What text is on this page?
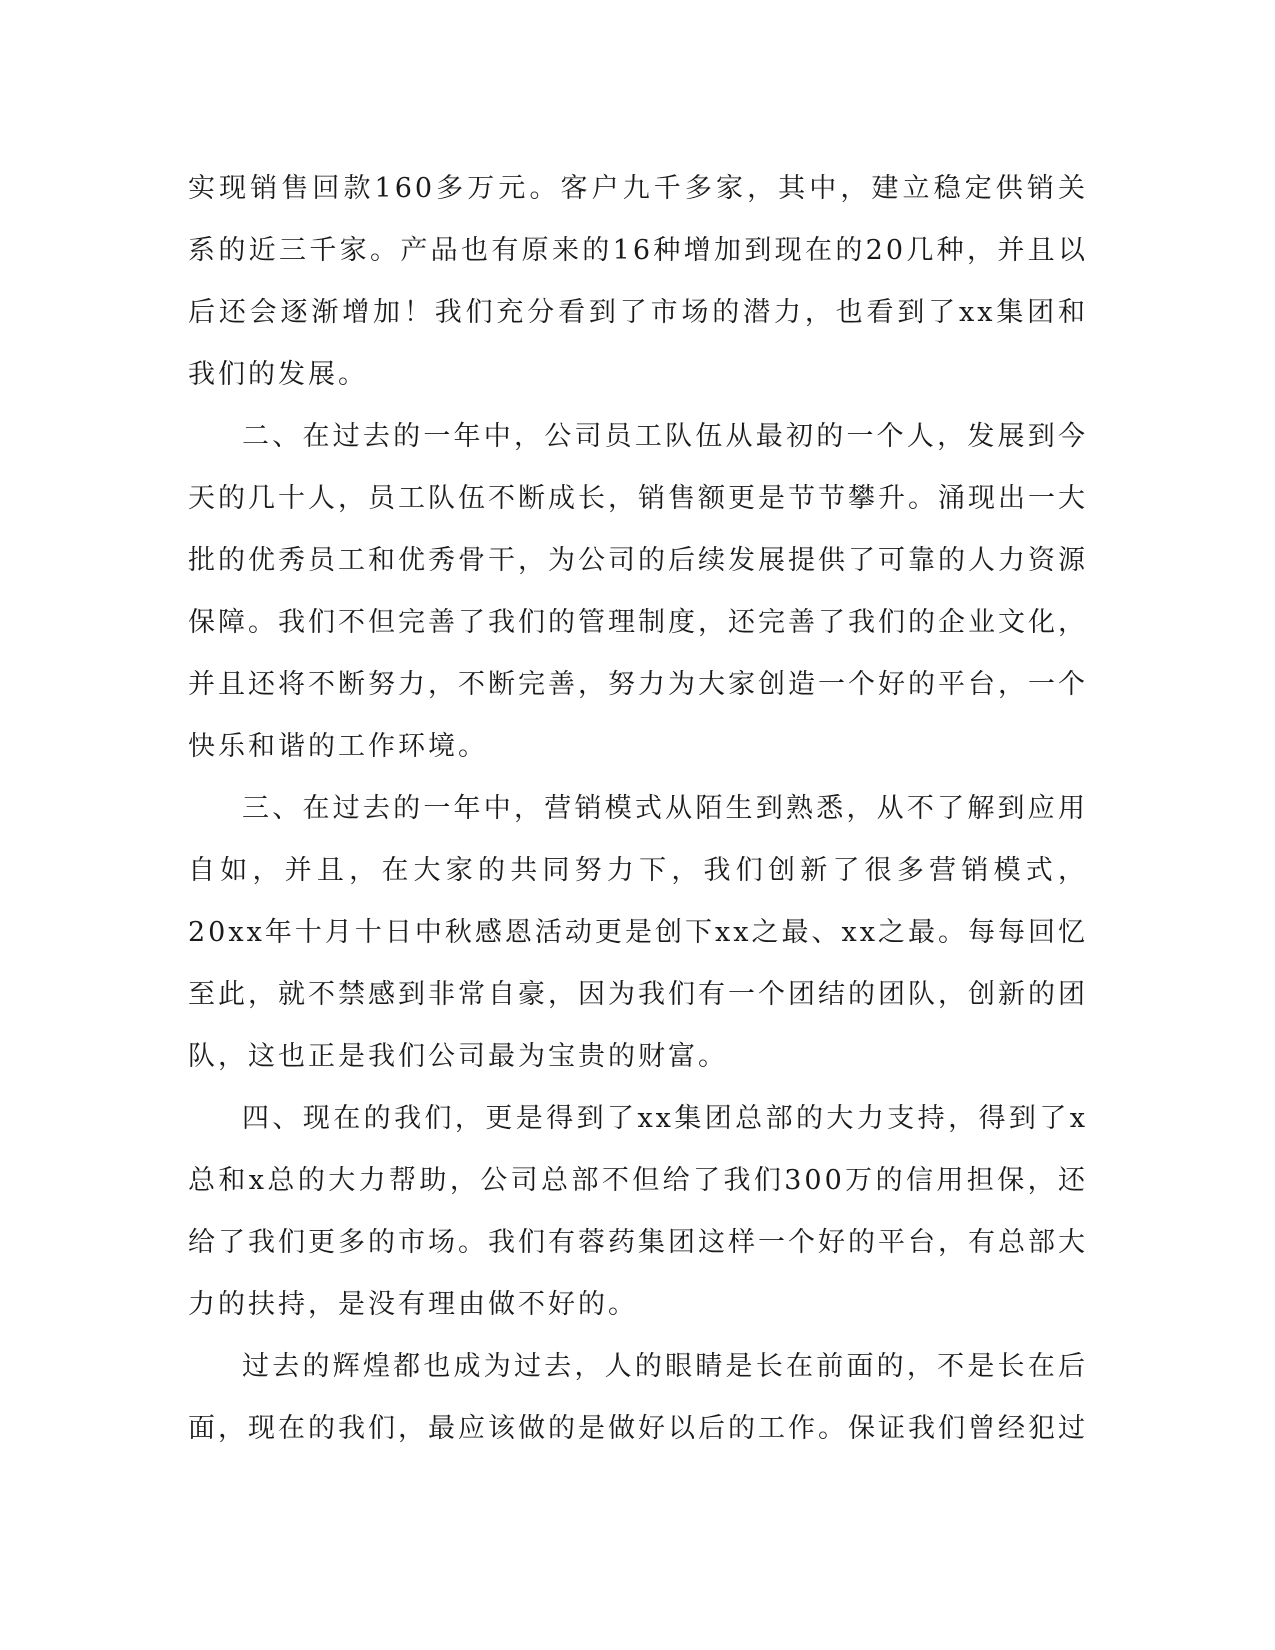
实现销售回款160多万元。客户九千多家，其中，建立稳定供销关系的近三千家。产品也有原来的16种增加到现在的20几种，并且以后还会逐渐增加！我们充分看到了市场的潜力，也看到了xx集团和我们的发展。

二、在过去的一年中，公司员工队伍从最初的一个人，发展到今天的几十人，员工队伍不断成长，销售额更是节节攀升。涌现出一大批的优秀员工和优秀骨干，为公司的后续发展提供了可靠的人力资源保障。我们不但完善了我们的管理制度，还完善了我们的企业文化，并且还将不断努力，不断完善，努力为大家创造一个好的平台，一个快乐和谐的工作环境。

三、在过去的一年中，营销模式从陌生到熟悉，从不了解到应用自如，并且，在大家的共同努力下，我们创新了很多营销模式，20xx年十月十日中秋感恩活动更是创下xx之最、xx之最。每每回忆至此，就不禁感到非常自豪，因为我们有一个团结的团队，创新的团队，这也正是我们公司最为宝贵的财富。

四、现在的我们，更是得到了xx集团总部的大力支持，得到了x总和x总的大力帮助，公司总部不但给了我们300万的信用担保，还给了我们更多的市场。我们有蓉药集团这样一个好的平台，有总部大力的扶持，是没有理由做不好的。

过去的辉煌都也成为过去，人的眼睛是长在前面的，不是长在后面，现在的我们，最应该做的是做好以后的工作。保证我们曾经犯过
